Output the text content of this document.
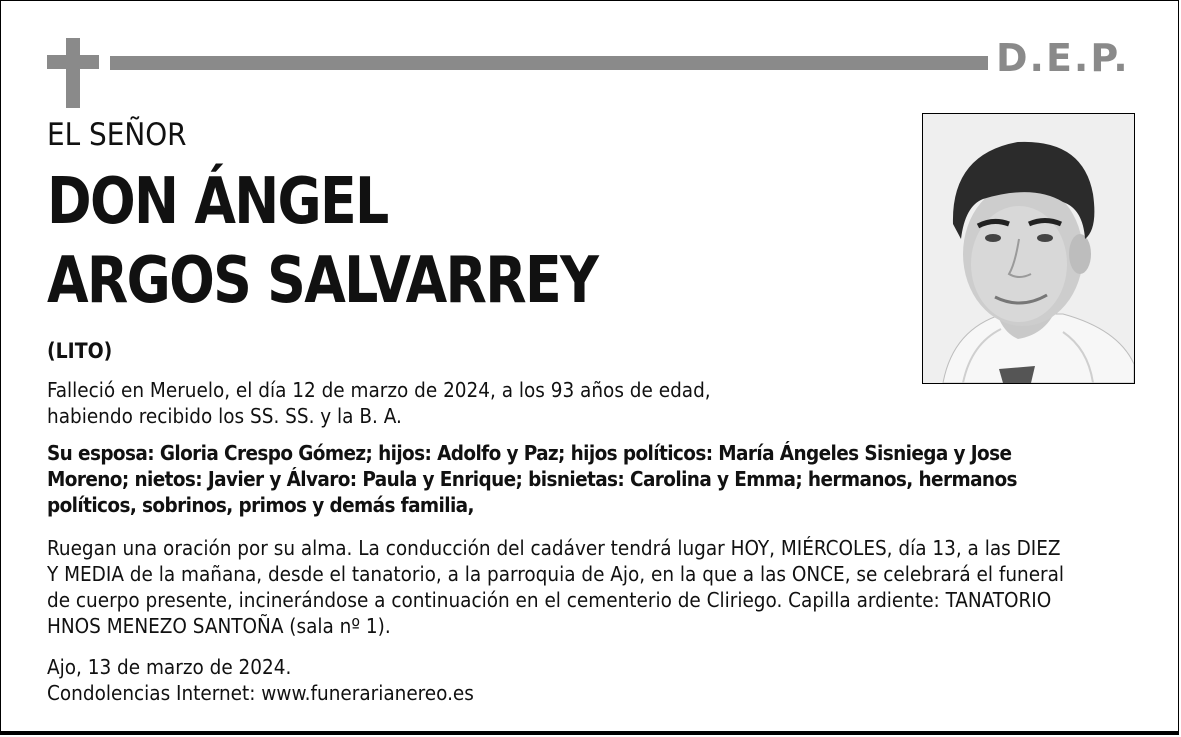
D.E.P.
EL SEÑOR
DON ÁNGEL
ARGOS SALVARREY
(LITO)
Falleció en Meruelo, el día 12 de marzo de 2024, a los 93 años de edad,
habiendo recibido los SS. SS. y la B. A.
Su esposa: Gloria Crespo Gómez; hijos: Adolfo y Paz; hijos políticos: María Ángeles Sisniega y Jose
Moreno; nietos: Javier y Álvaro: Paula y Enrique; bisnietas: Carolina y Emma; hermanos, hermanos
políticos, sobrinos, primos y demás familia,
Ruegan una oración por su alma. La conducción del cadáver tendrá lugar HOY, MIÉRCOLES, día 13, a las DIEZ
Y MEDIA de la mañana, desde el tanatorio, a la parroquia de Ajo, en la que a las ONCE, se celebrará el funeral
de cuerpo presente, incinerándose a continuación en el cementerio de Cliriego. Capilla ardiente: TANATORIO
HNOS MENEZO SANTOÑA (sala nº 1).
Ajo, 13 de marzo de 2024.
Condolencias Internet: www.funerarianereo.es
